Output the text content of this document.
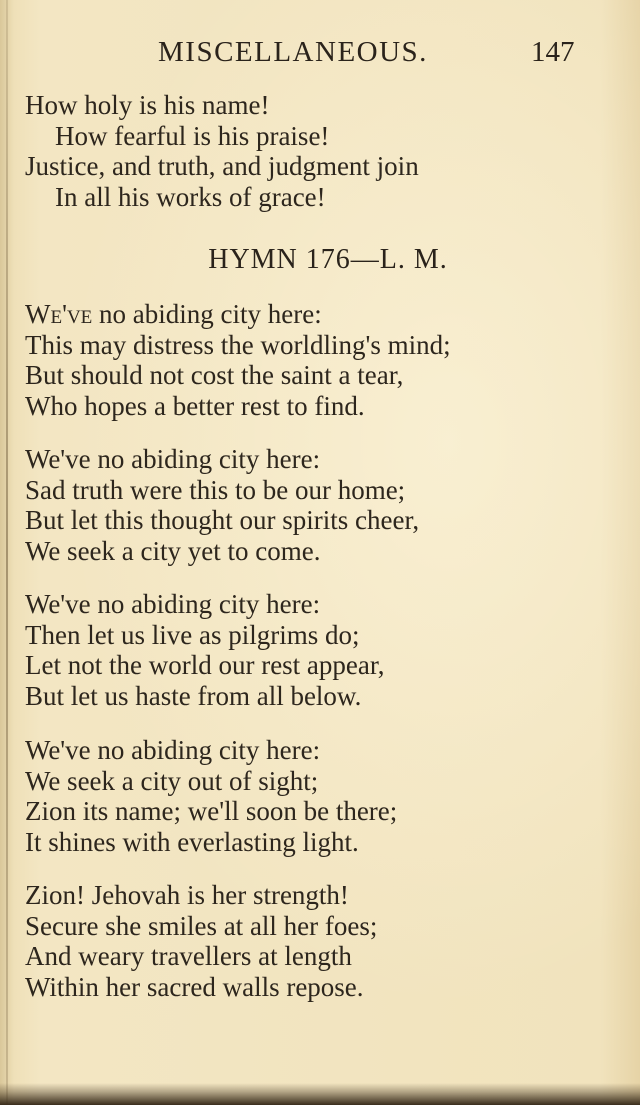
MISCELLANEOUS.	147
How holy is his name!
How fearful is his praise!
Justice, and truth, and judgment join
In all his works of grace!
HYMN 176—L. M.
We've no abiding city here:
This may distress the worldling's mind;
But should not cost the saint a tear,
Who hopes a better rest to find.
We've no abiding city here:
Sad truth were this to be our home;
But let this thought our spirits cheer,
We seek a city yet to come.
We've no abiding city here:
Then let us live as pilgrims do;
Let not the world our rest appear,
But let us haste from all below.
We've no abiding city here:
We seek a city out of sight;
Zion its name; we'll soon be there;
It shines with everlasting light.
Zion! Jehovah is her strength!
Secure she smiles at all her foes;
And weary travellers at length
Within her sacred walls repose.
